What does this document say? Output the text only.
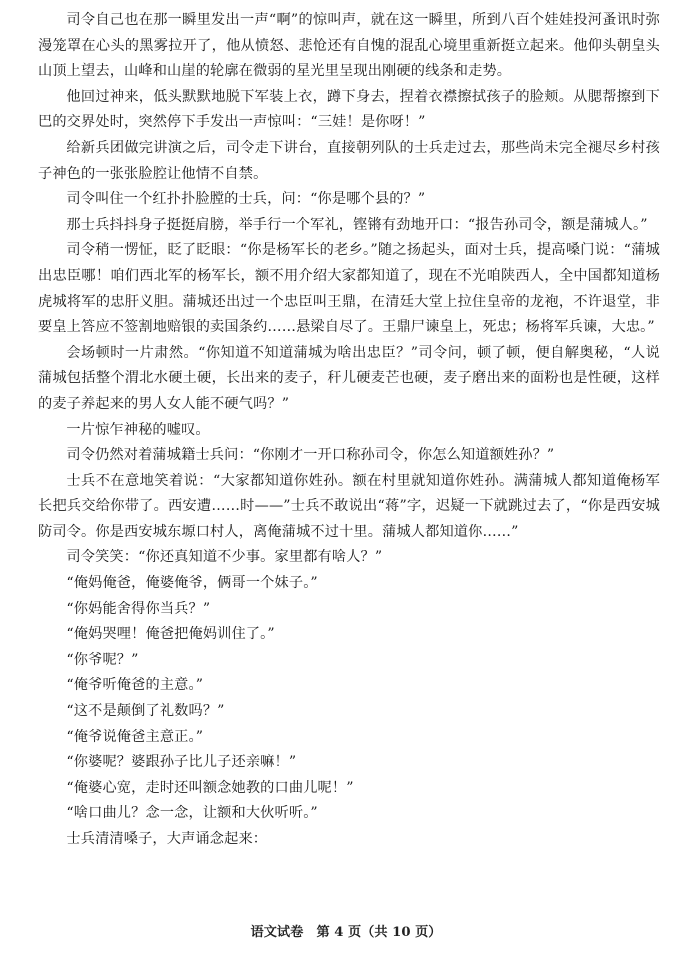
司令自己也在那一瞬里发出一声“啊”的惊叫声，就在这一瞬里，所到八百个娃娃投河蚤讯时弥漫笼罩在心头的黑雾拉开了，他从愤怒、悲怆还有自愧的混乱心境里重新挺立起来。他仰头朝皇头山顶上望去，山峰和山崖的轮廓在微弱的星光里呈现出刚硬的线条和走势。

他回过神来，低头默默地脱下军装上衣，蹲下身去，捏着衣襟擦拭孩子的脸颊。从腮帮擦到下巴的交界处时，突然停下手发出一声惊叫：“三娃！是你呀！”

给新兵团做完讲演之后，司令走下讲台，直接朝列队的士兵走过去，那些尚未完全褪尽乡村孩子神色的一张张脸腔让他情不自禁。

司令叫住一个红扑扑脸膛的士兵，问：“你是哪个县的？”

那士兵抖抖身子挺挺肩膀，举手行一个军礼，铿锵有劲地开口：“报告孙司令，额是蒲城人。”

司令稍一愣怔，眨了眨眼：“你是杨军长的老乡。”随之扬起头，面对士兵，提高嗓门说：“蒲城出忠臣哪！咱们西北军的杨军长，额不用介绍大家都知道了，现在不光咱陕西人，全中国都知道杨虎城将军的忠肝义胆。蒲城还出过一个忠臣叫王鼎，在清廷大堂上拉住皇帝的龙袍，不许退堂，非要皇上答应不签割地赔银的卖国条约……悬梁自尽了。王鼎尸谏皇上，死忠；杨将军兵谏，大忠。”

会场顿时一片肃然。“你知道不知道蒲城为啥出忠臣？”司令问，顿了顿，便自解奥秘，“人说蒲城包括整个渭北水硬土硬，长出来的麦子，秆儿硬麦芒也硬，麦子磨出来的面粉也是性硬，这样的麦子养起来的男人女人能不硬气吗？”

一片惊乍神秘的嘘叹。

司令仍然对着蒲城籍士兵问：“你刚才一开口称孙司令，你怎么知道额姓孙？”

士兵不在意地笑着说：“大家都知道你姓孙。额在村里就知道你姓孙。满蒲城人都知道俺杨军长把兵交给你带了。西安遭……时——”士兵不敢说出“蒋”字，迟疑一下就跳过去了，“你是西安城防司令。你是西安城东塬口村人，离俺蒲城不过十里。蒲城人都知道你……”

司令笑笑：“你还真知道不少事。家里都有啥人？”

“俺妈俺爸，俺婆俺爷，俩哥一个妹子。”

“你妈能舍得你当兵？”

“俺妈哭哩！俺爸把俺妈训住了。”

“你爷呢？”

“俺爷听俺爸的主意。”

“这不是颠倒了礼数吗？”

“俺爷说俺爸主意正。”

“你婆呢？婆跟孙子比儿子还亲嘛！”

“俺婆心宽，走时还叫额念她教的口曲儿呢！”

“啥口曲儿？念一念，让额和大伙听听。”

士兵清清嗓子，大声诵念起来：

语文试卷　第 4 页（共 10 页）
